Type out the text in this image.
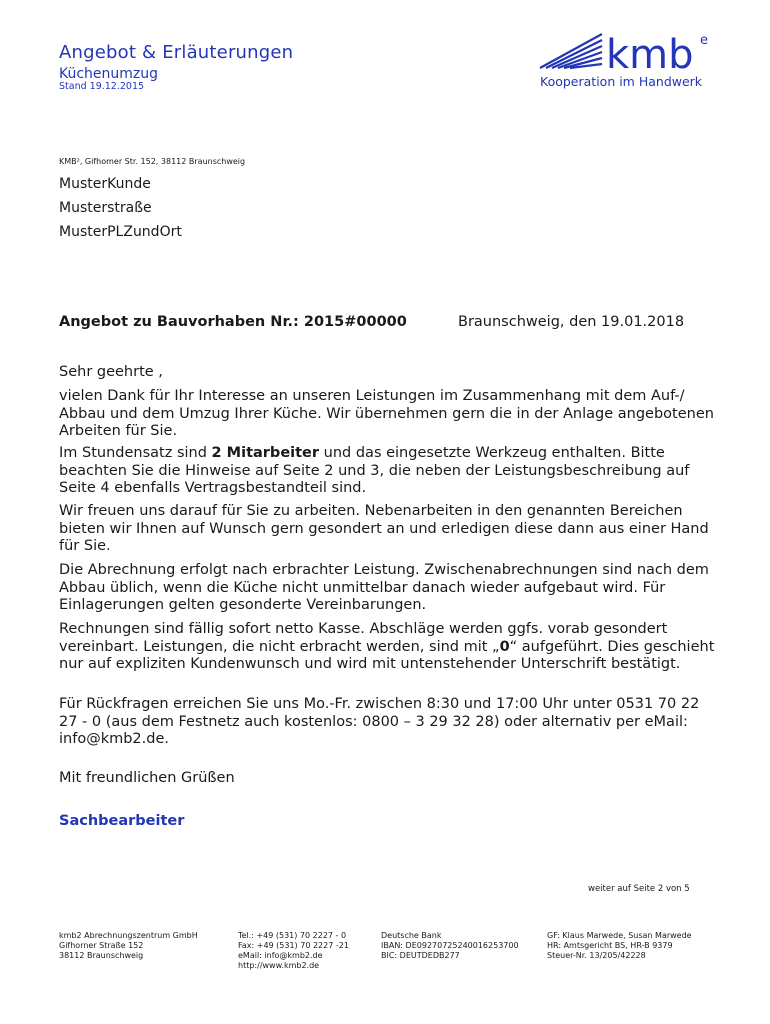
Angebot & Erläuterungen
Küchenumzug
Stand 19.12.2015
kmb e
Kooperation im Handwerk
KMB², Gifhomer Str. 152, 38112 Braunschweig
MusterKunde
Musterstraße
MusterPLZundOrt
Angebot zu Bauvorhaben Nr.: 2015#00000	Braunschweig, den 19.01.2018

Sehr geehrte ,

vielen Dank für Ihr Interesse an unseren Leistungen im Zusammenhang mit dem Auf-/ Abbau und dem Umzug Ihrer Küche. Wir übernehmen gern die in der Anlage angebotenen Arbeiten für Sie.

Im Stundensatz sind 2 Mitarbeiter und das eingesetzte Werkzeug enthalten. Bitte beachten Sie die Hinweise auf Seite 2 und 3, die neben der Leistungsbeschreibung auf Seite 4 ebenfalls Vertragsbestandteil sind.

Wir freuen uns darauf für Sie zu arbeiten. Nebenarbeiten in den genannten Bereichen bieten wir Ihnen auf Wunsch gern gesondert an und erledigen diese dann aus einer Hand für Sie.

Die Abrechnung erfolgt nach erbrachter Leistung. Zwischenabrechnungen sind nach dem Abbau üblich, wenn die Küche nicht unmittelbar danach wieder aufgebaut wird. Für Einlagerungen gelten gesonderte Vereinbarungen.

Rechnungen sind fällig sofort netto Kasse. Abschläge werden ggfs. vorab gesondert vereinbart. Leistungen, die nicht erbracht werden, sind mit „0“ aufgeführt. Dies geschieht nur auf expliziten Kundenwunsch und wird mit untenstehender Unterschrift bestätigt.

Für Rückfragen erreichen Sie uns Mo.-Fr. zwischen 8:30 und 17:00 Uhr unter 0531 70 22 27 - 0 (aus dem Festnetz auch kostenlos: 0800 – 3 29 32 28) oder alternativ per eMail: info@kmb2.de.

Mit freundlichen Grüßen

Sachbearbeiter
weiter auf Seite 2 von 5
kmb2 Abrechnungszentrum GmbH
Gifhorner Straße 152
38112 Braunschweig
Tel.: +49 (531) 70 2227 - 0
Fax: +49 (531) 70 2227 -21
eMail: info@kmb2.de
http://www.kmb2.de
Deutsche Bank
IBAN: DE09270725240016253700
BIC: DEUTDEDB277
GF: Klaus Marwede, Susan Marwede
HR: Amtsgericht BS, HR-B 9379
Steuer-Nr. 13/205/42228
